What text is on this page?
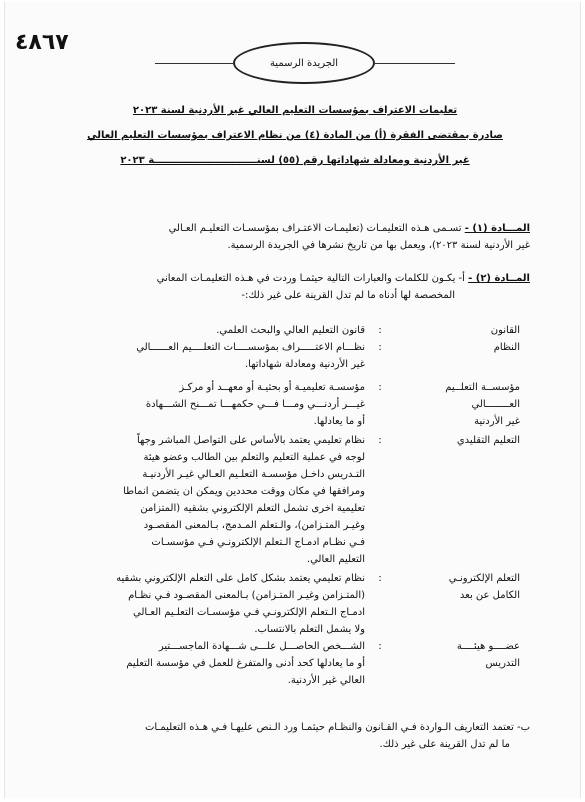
٤٨٦٧
الجريدة الرسمية
تعليمات الاعتراف بمؤسسات التعليم العالي غير الأردنية لسنة ٢٠٢٣
صادرة بمقتضى الفقرة (أ) من المادة (٤) من نظام الاعتراف بمؤسسات التعليم العالي
غير الأردنية ومعادلة شهاداتها رقم (٥٥) لسنــــــــــــــــــــــــــــــة ٢٠٢٣
المـــادة (١) - تسـمى هـذه التعليمـات (تعليمـات الاعتـراف بمؤسسـات التعليـم العـالي
غير الأردنية لسنة ٢٠٢٣)، ويعمل بها من تاريخ نشرها في الجريدة الرسمية.
المــادة (٢) - أ- يكـون للكلمات والعبارات التالية حيثمـا وردت في هـذه التعليمـات المعاني
المخصصة لها أدناه ما لم تدل القرينة على غير ذلك:-
القانون
:
قانون التعليم العالي والبحث العلمي.
النظام
:
نظـــام الاعتـــــراف بمؤسســــات التعلــــيم العــــــالي
غير الأردنية ومعادلة شهاداتها.
مؤسســة التعلــيم
العــــــــالي
غير الأردنية
:
مؤسسـة تعليميـة أو بحثيـة أو معهــد أو مركـز
غيـــر أردنـــي ومـــا فـــي حكمهـــا تمـــنح الشـــهادة
أو ما يعادلها.
التعليم التقليدي
:
نظام تعليمي يعتمد بالأساس على التواصل المباشر وجهاً
لوجه في عملية التعليم والتعلم بين الطالب وعضو هيئة
التـدريس داخـل مؤسسـة التعلـيم العـالي غيـر الأردنيـة
ومرافقها في مكان ووقت محددين ويمكن ان يتضمن انماطا
تعليمية اخرى تشمل التعلم الإلكتروني بشقيه (المتزامن
وغيـر المتـزامن)، والـتعلم المـدمج، بـالمعنى المقصـود
فـي نظـام ادمـاج الـتعلم الإلكترونـي فـي مؤسسـات
التعليم العالي.
التعلم الإلكترونـي
الكامل عن بعد
:
نظام تعليمي يعتمد بشكل كامل على التعلم الإلكتروني بشقيه
(المتـزامن وغيـر المتـزامن) بـالمعنى المقصـود فـي نظـام
ادمـاج الـتعلم الإلكترونـي فـي مؤسسـات التعلـيم العـالي
ولا يشمل التعلم بالانتساب.
عضــــو هيئــــة
التدريس
:
الشـــخص الحاصـــل علـــى شـــهادة الماجســـتير
أو ما يعادلها كحد أدنى والمتفرغ للعمل في مؤسسة التعليم
العالي غير الأردنية.
ب- تعتمد التعاريف الـواردة فـي القـانون والنظـام حيثمـا ورد الـنص عليهـا فـي هـذه التعليمـات
ما لم تدل القرينة على غير ذلك.
